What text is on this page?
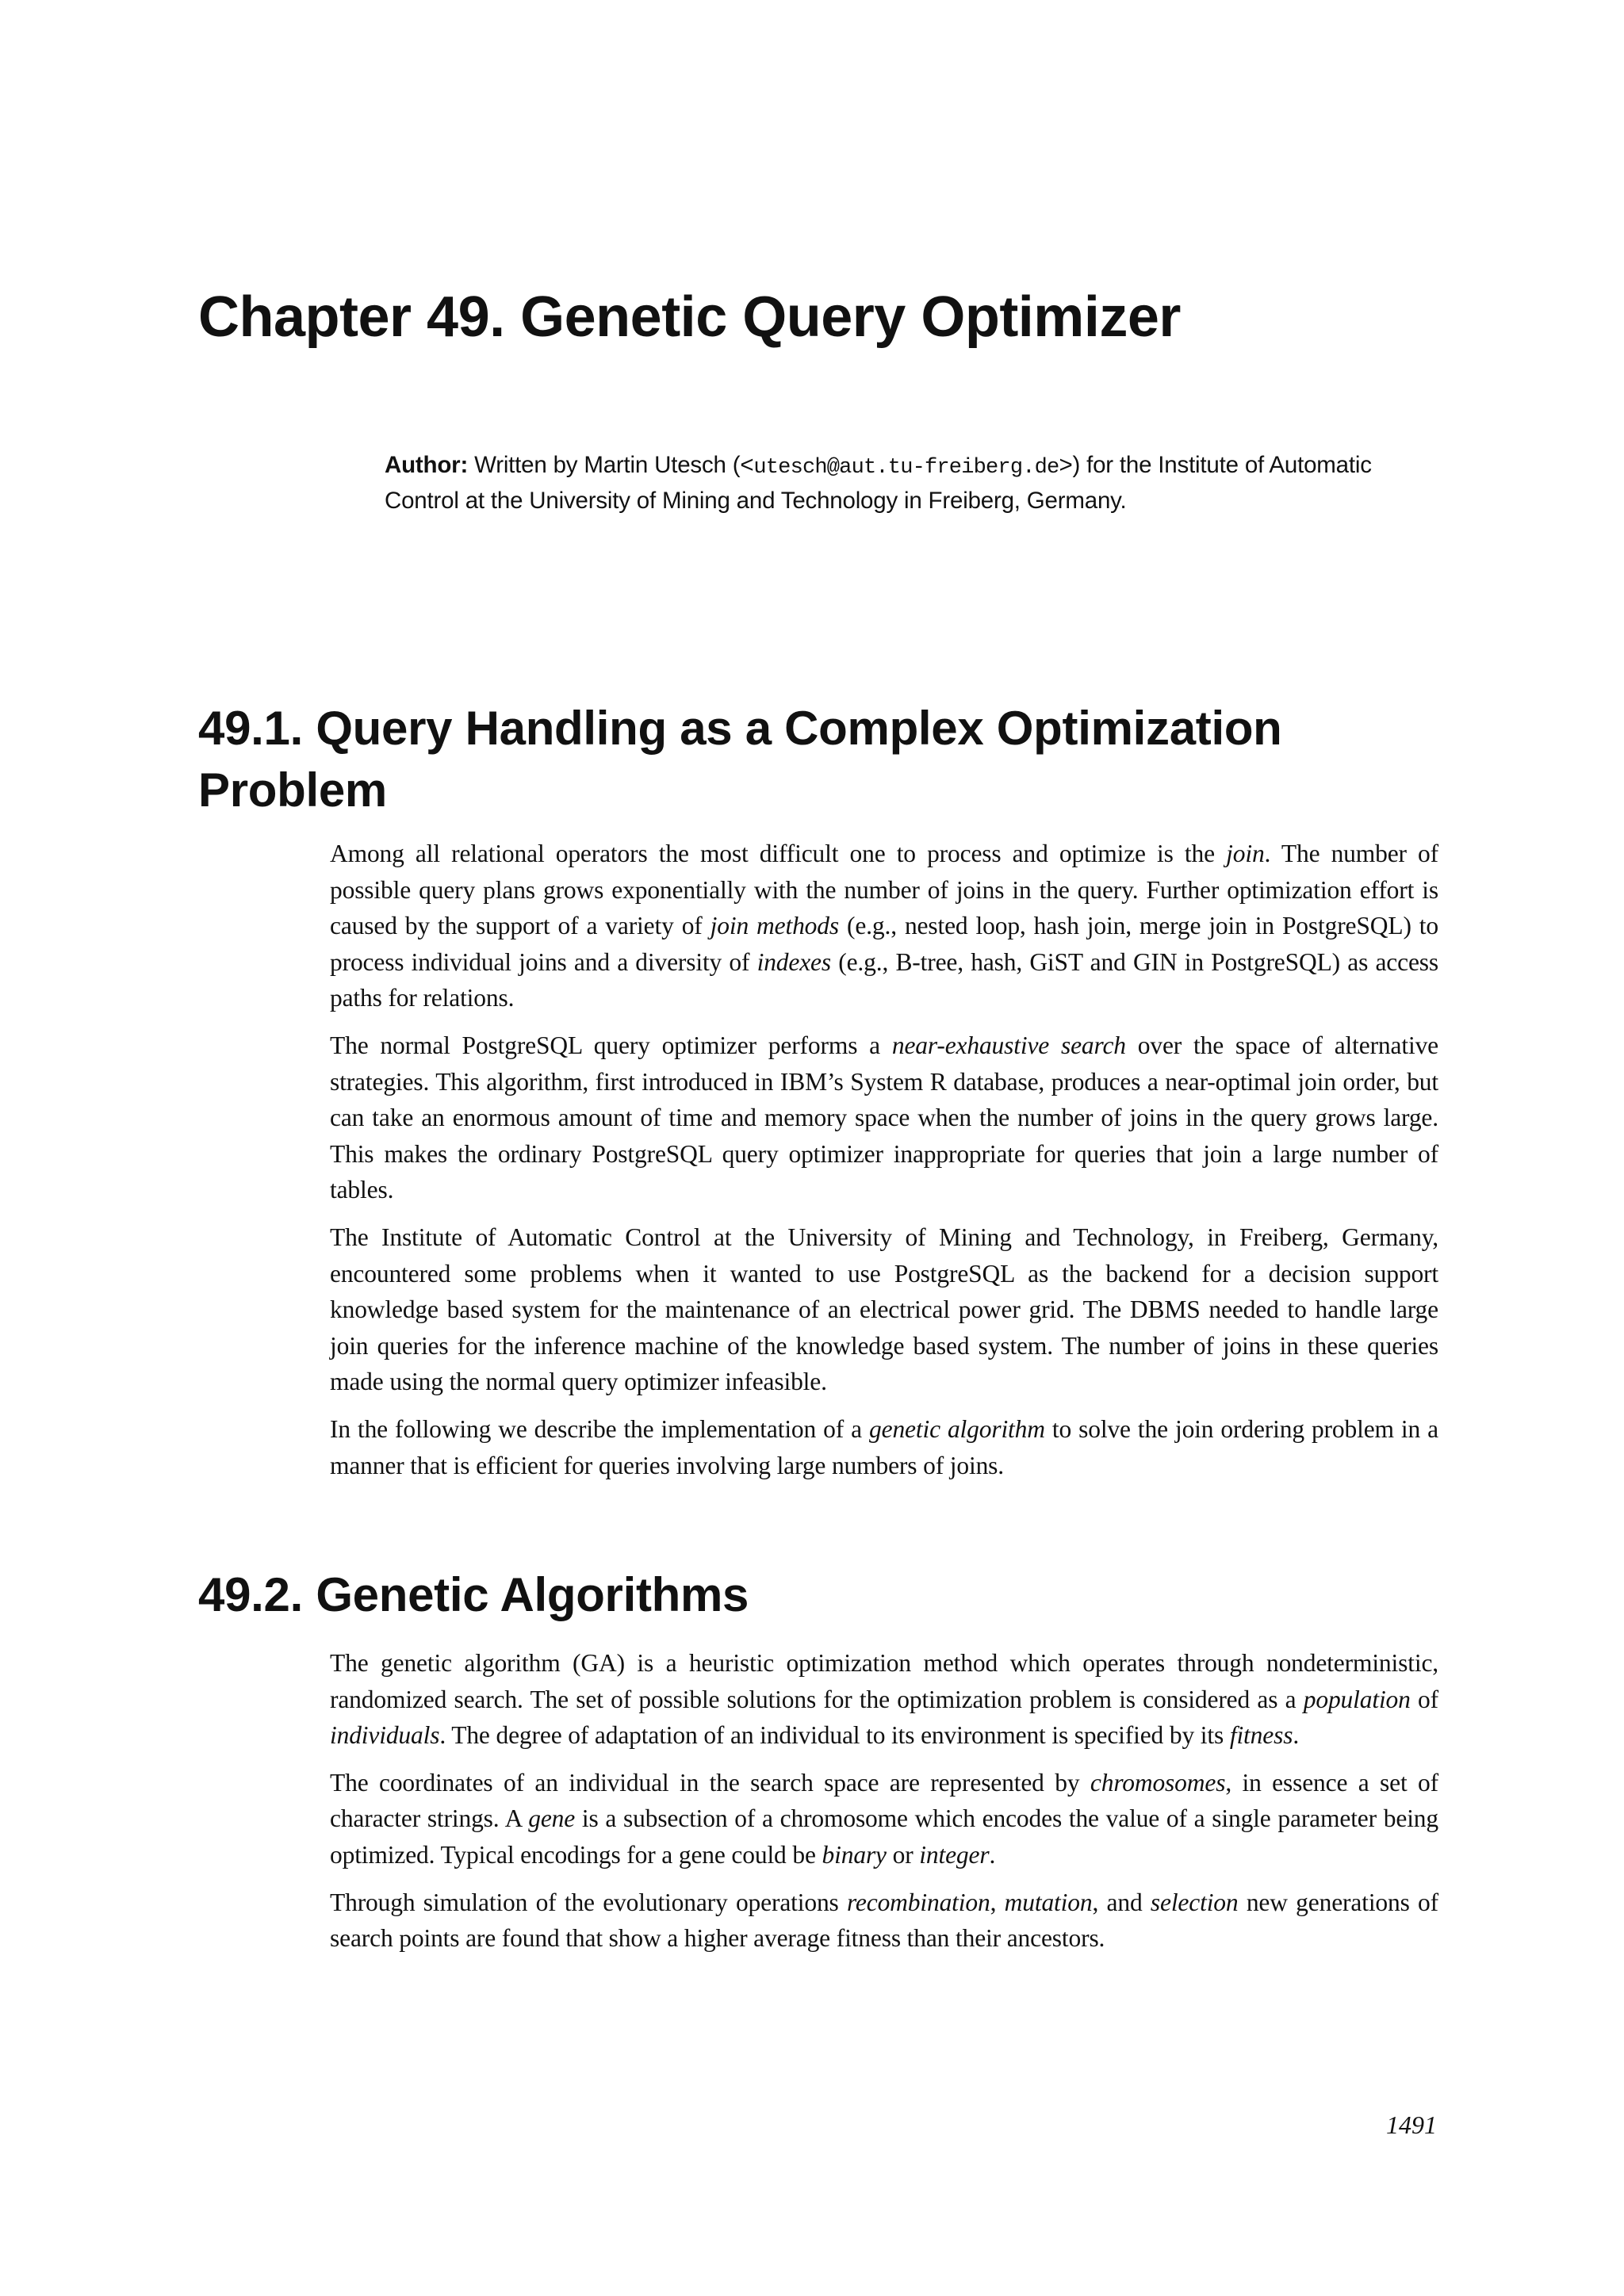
Chapter 49. Genetic Query Optimizer
Author: Written by Martin Utesch (<utesch@aut.tu-freiberg.de>) for the Institute of Automatic Control at the University of Mining and Technology in Freiberg, Germany.
49.1. Query Handling as a Complex Optimization Problem

Among all relational operators the most difficult one to process and optimize is the join. The number of possible query plans grows exponentially with the number of joins in the query. Further optimization effort is caused by the support of a variety of join methods (e.g., nested loop, hash join, merge join in PostgreSQL) to process individual joins and a diversity of indexes (e.g., B-tree, hash, GiST and GIN in PostgreSQL) as access paths for relations.

The normal PostgreSQL query optimizer performs a near-exhaustive search over the space of alternative strategies. This algorithm, first introduced in IBM’s System R database, produces a near-optimal join order, but can take an enormous amount of time and memory space when the number of joins in the query grows large. This makes the ordinary PostgreSQL query optimizer inappropriate for queries that join a large number of tables.

The Institute of Automatic Control at the University of Mining and Technology, in Freiberg, Germany, encountered some problems when it wanted to use PostgreSQL as the backend for a decision support knowledge based system for the maintenance of an electrical power grid. The DBMS needed to handle large join queries for the inference machine of the knowledge based system. The number of joins in these queries made using the normal query optimizer infeasible.

In the following we describe the implementation of a genetic algorithm to solve the join ordering problem in a manner that is efficient for queries involving large numbers of joins.

49.2. Genetic Algorithms

The genetic algorithm (GA) is a heuristic optimization method which operates through nondeterministic, randomized search. The set of possible solutions for the optimization problem is considered as a population of individuals. The degree of adaptation of an individual to its environment is specified by its fitness.

The coordinates of an individual in the search space are represented by chromosomes, in essence a set of character strings. A gene is a subsection of a chromosome which encodes the value of a single parameter being optimized. Typical encodings for a gene could be binary or integer.

Through simulation of the evolutionary operations recombination, mutation, and selection new generations of search points are found that show a higher average fitness than their ancestors.

1491
